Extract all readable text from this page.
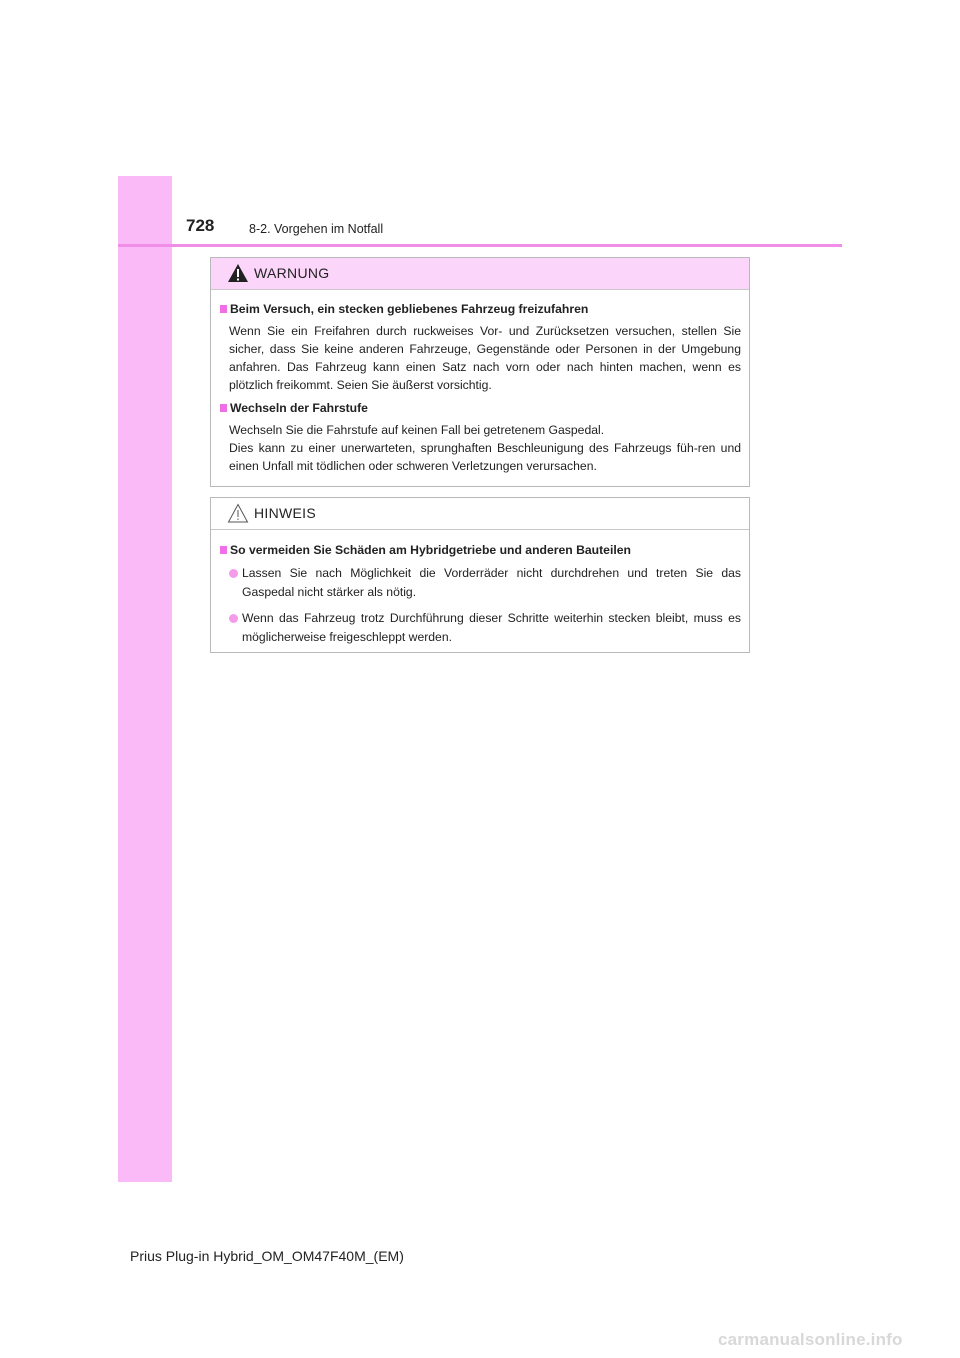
728	8-2. Vorgehen im Notfall
WARNUNG
Beim Versuch, ein stecken gebliebenes Fahrzeug freizufahren

Wenn Sie ein Freifahren durch ruckweises Vor- und Zurücksetzen versuchen, stellen Sie sicher, dass Sie keine anderen Fahrzeuge, Gegenstände oder Personen in der Umgebung anfahren. Das Fahrzeug kann einen Satz nach vorn oder nach hinten machen, wenn es plötzlich freikommt. Seien Sie äußerst vorsichtig.

Wechseln der Fahrstufe

Wechseln Sie die Fahrstufe auf keinen Fall bei getretenem Gaspedal.

Dies kann zu einer unerwarteten, sprunghaften Beschleunigung des Fahrzeugs füh-ren und einen Unfall mit tödlichen oder schweren Verletzungen verursachen.

HINWEIS
So vermeiden Sie Schäden am Hybridgetriebe und anderen Bauteilen
Lassen Sie nach Möglichkeit die Vorderräder nicht durchdrehen und treten Sie das Gaspedal nicht stärker als nötig.
Wenn das Fahrzeug trotz Durchführung dieser Schritte weiterhin stecken bleibt, muss es möglicherweise freigeschleppt werden.
Prius Plug-in Hybrid_OM_OM47F40M_(EM)
carmanualsonline.info
